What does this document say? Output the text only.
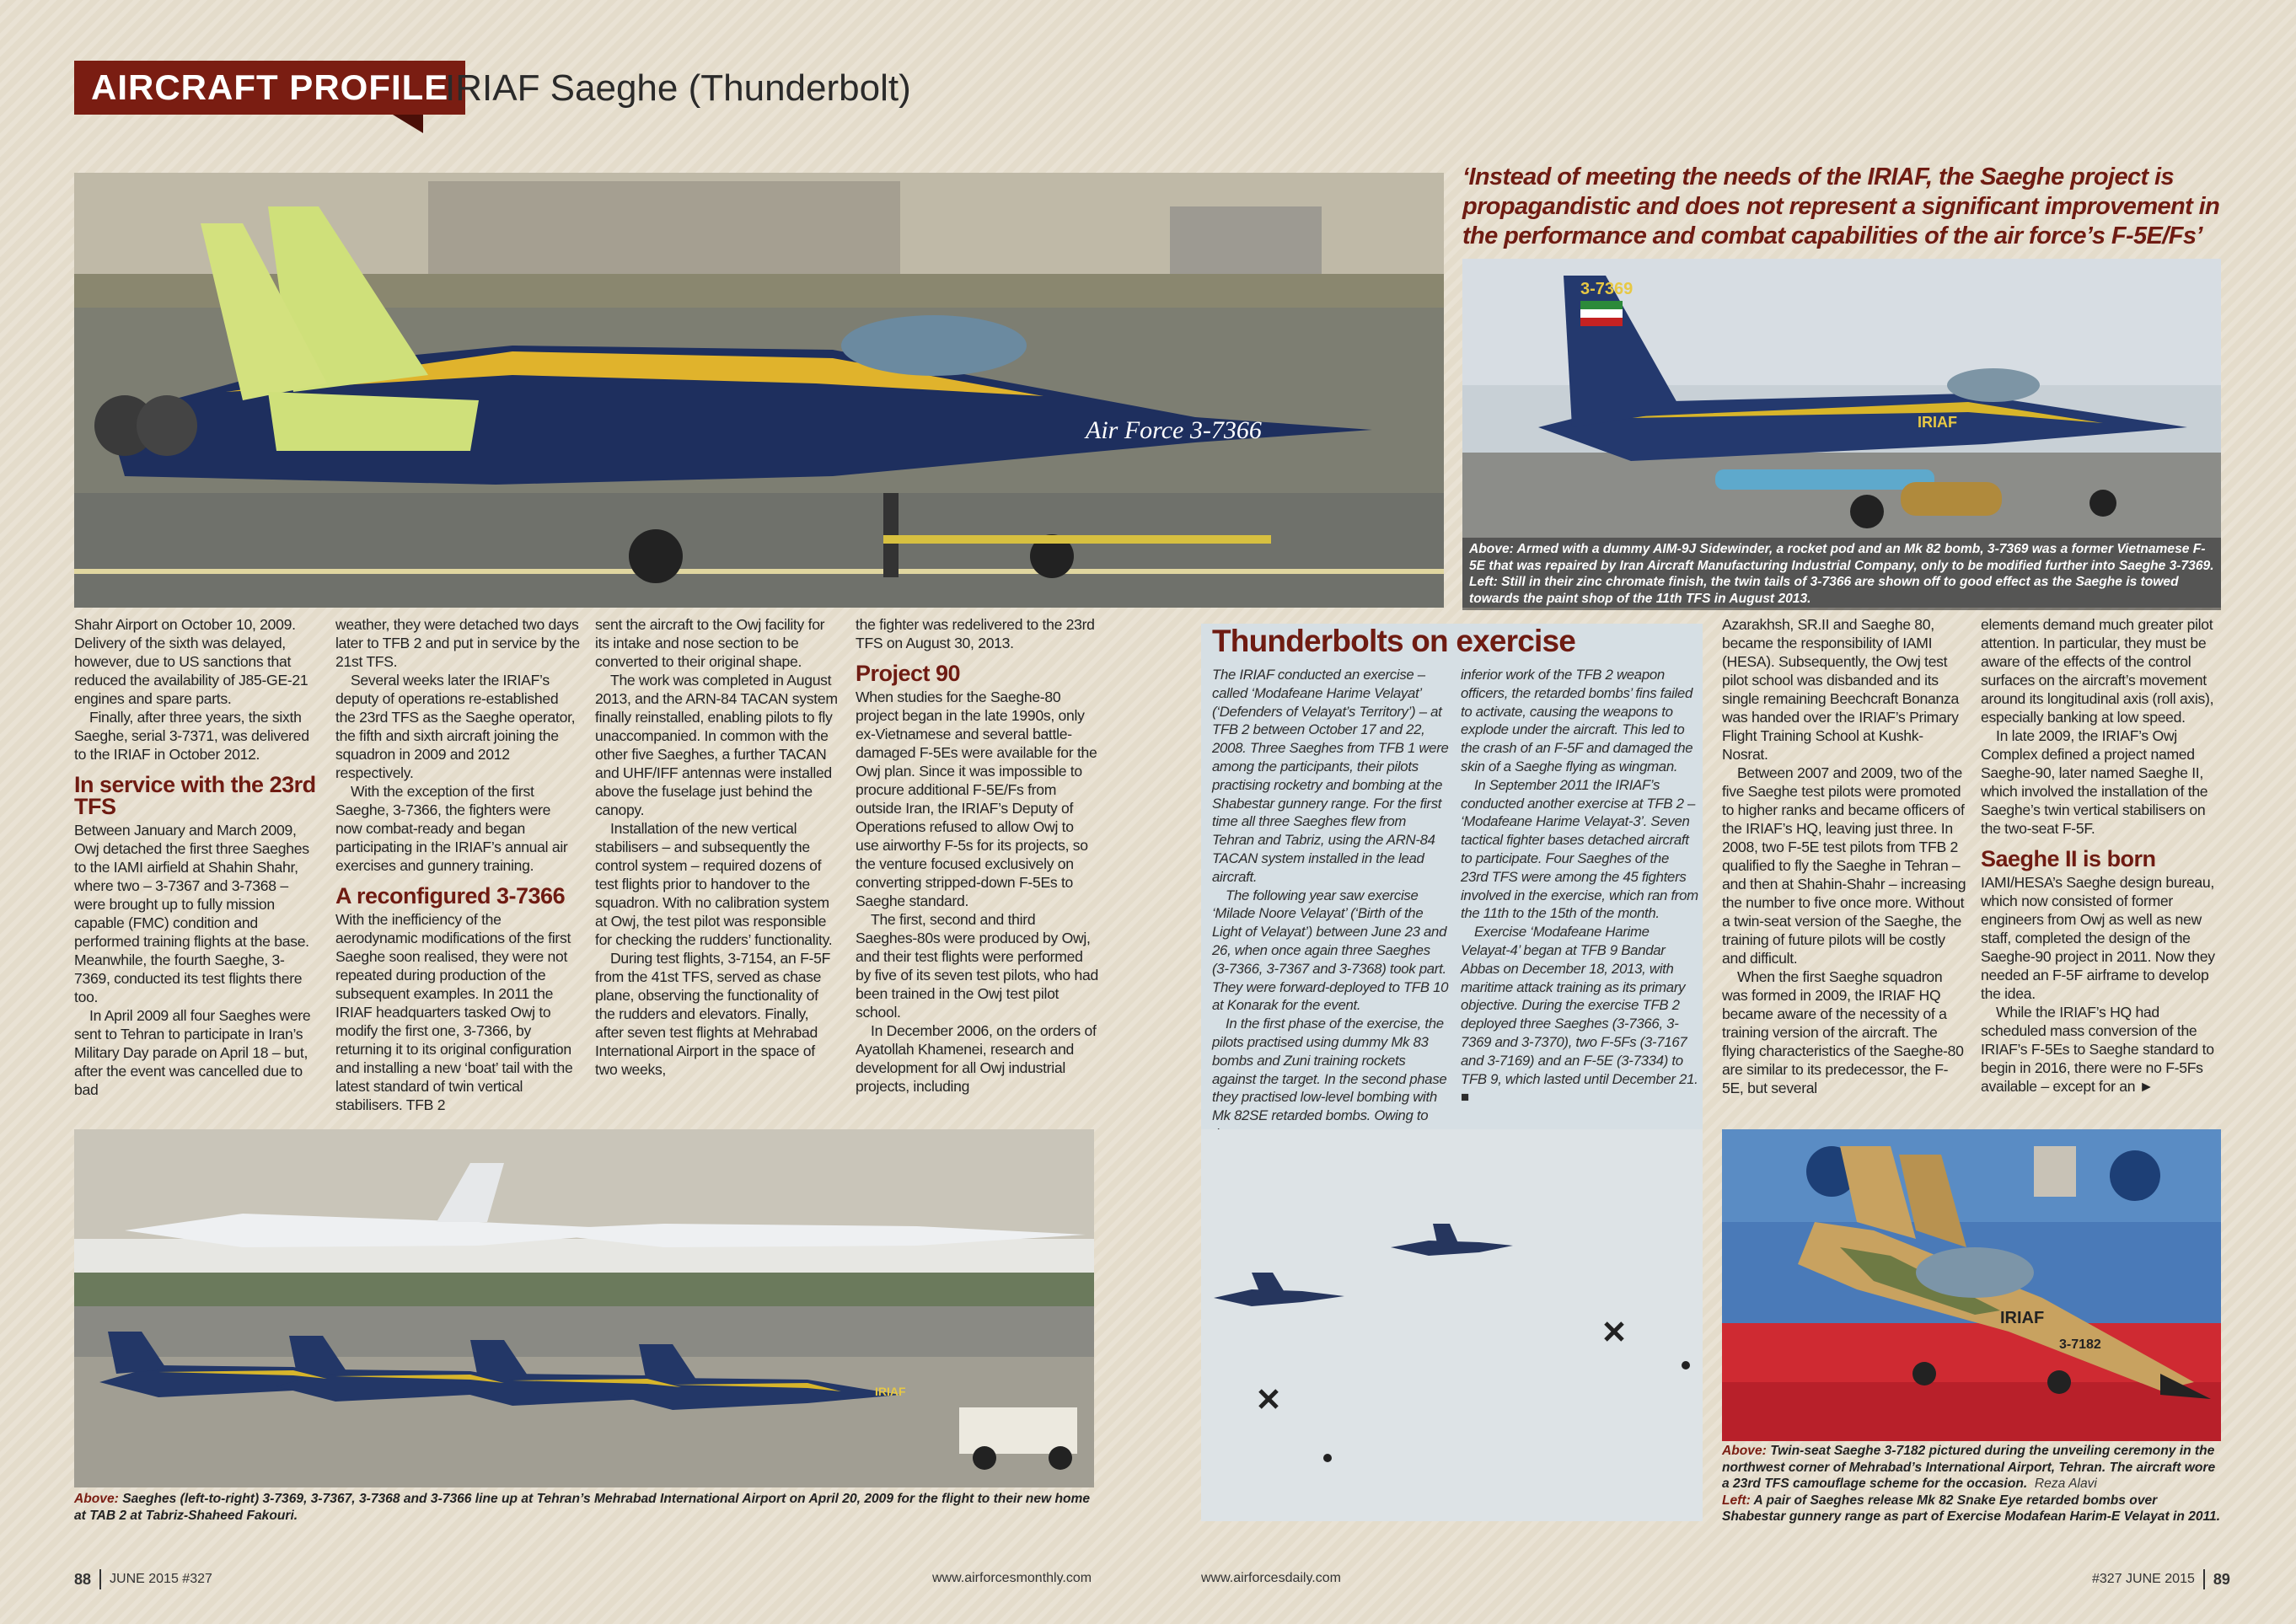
AIRCRAFT PROFILE
IRIAF Saeghe (Thunderbolt)
Air Force 3-7366
‘Instead of meeting the needs of the IRIAF, the Saeghe project is propagandistic and does not represent a significant improvement in the performance and combat capabilities of the air force’s F-5E/Fs’
3-7369
IRIAF
Above: Armed with a dummy AIM-9J Sidewinder, a rocket pod and an Mk 82 bomb, 3-7369 was a former Vietnamese F-5E that was repaired by Iran Aircraft Manufacturing Industrial Company, only to be modified further into Saeghe 3-7369.
Left: Still in their zinc chromate finish, the twin tails of 3-7366 are shown off to good effect as the Saeghe is towed towards the paint shop of the 11th TFS in August 2013.

Shahr Airport on October 10, 2009. Delivery of the sixth was delayed, however, due to US sanctions that reduced the availability of J85-GE-21 engines and spare parts.

Finally, after three years, the sixth Saeghe, serial 3-7371, was delivered to the IRIAF in October 2012.

In service with the 23rd TFS

Between January and March 2009, Owj detached the first three Saeghes to the IAMI airfield at Shahin Shahr, where two – 3-7367 and 3-7368 – were brought up to fully mission capable (FMC) condition and performed training flights at the base. Meanwhile, the fourth Saeghe, 3-7369, conducted its test flights there too.

In April 2009 all four Saeghes were sent to Tehran to participate in Iran’s Military Day parade on April 18 – but, after the event was cancelled due to bad

weather, they were detached two days later to TFB 2 and put in service by the 21st TFS.

Several weeks later the IRIAF’s deputy of operations re-established the 23rd TFS as the Saeghe operator, the fifth and sixth aircraft joining the squadron in 2009 and 2012 respectively.

With the exception of the first Saeghe, 3-7366, the fighters were now combat-ready and began participating in the IRIAF’s annual air exercises and gunnery training.

A reconfigured 3-7366

With the inefficiency of the aerodynamic modifications of the first Saeghe soon realised, they were not repeated during production of the subsequent examples. In 2011 the IRIAF headquarters tasked Owj to modify the first one, 3-7366, by returning it to its original configuration and installing a new ‘boat’ tail with the latest standard of twin vertical stabilisers. TFB 2

sent the aircraft to the Owj facility for its intake and nose section to be converted to their original shape.

The work was completed in August 2013, and the ARN-84 TACAN system finally reinstalled, enabling pilots to fly unaccompanied. In common with the other five Saeghes, a further TACAN and UHF/IFF antennas were installed above the fuselage just behind the canopy.

Installation of the new vertical stabilisers – and subsequently the control system – required dozens of test flights prior to handover to the squadron. With no calibration system at Owj, the test pilot was responsible for checking the rudders’ functionality.

During test flights, 3-7154, an F-5F from the 41st TFS, served as chase plane, observing the functionality of the rudders and elevators. Finally, after seven test flights at Mehrabad International Airport in the space of two weeks,

the fighter was redelivered to the 23rd TFS on August 30, 2013.

Project 90

When studies for the Saeghe-80 project began in the late 1990s, only ex-Vietnamese and several battle-damaged F-5Es were available for the Owj plan. Since it was impossible to procure additional F-5E/Fs from outside Iran, the IRIAF’s Deputy of Operations refused to allow Owj to use airworthy F-5s for its projects, so the venture focused exclusively on converting stripped-down F-5Es to Saeghe standard.

The first, second and third Saeghes-80s were produced by Owj, and their test flights were performed by five of its seven test pilots, who had been trained in the Owj test pilot school.

In December 2006, on the orders of Ayatollah Khamenei, research and development for all Owj industrial projects, including

Thunderbolts on exercise

The IRIAF conducted an exercise – called ‘Modafeane Harime Velayat’ (‘Defenders of Velayat’s Territory’) – at TFB 2 between October 17 and 22, 2008. Three Saeghes from TFB 1 were among the participants, their pilots practising rocketry and bombing at the Shabestar gunnery range. For the first time all three Saeghes flew from Tehran and Tabriz, using the ARN-84 TACAN system installed in the lead aircraft.

The following year saw exercise ‘Milade Noore Velayat’ (‘Birth of the Light of Velayat’) between June 23 and 26, when once again three Saeghes (3-7366, 3-7367 and 3-7368) took part. They were forward-deployed to TFB 10 at Konarak for the event.

In the first phase of the exercise, the pilots practised using dummy Mk 83 bombs and Zuni training rockets against the target. In the second phase they practised low-level bombing with Mk 82SE retarded bombs. Owing to

inferior work of the TFB 2 weapon officers, the retarded bombs’ fins failed to activate, causing the weapons to explode under the aircraft. This led to the crash of an F-5F and damaged the skin of a Saeghe flying as wingman.

In September 2011 the IRIAF’s conducted another exercise at TFB 2 – ‘Modafeane Harime Velayat-3’. Seven tactical fighter bases detached aircraft to participate. Four Saeghes of the 23rd TFS were among the 45 fighters involved in the exercise, which ran from the 11th to the 15th of the month.

Exercise ‘Modafeane Harime Velayat-4’ began at TFB 9 Bandar Abbas on December 18, 2013, with maritime attack training as its primary objective. During the exercise TFB 2 deployed three Saeghes (3-7366, 3-7369 and 3-7370), two F-5Fs (3-7167 and 3-7169) and an F-5E (3-7334) to TFB 9, which lasted until December 21. ■

Azarakhsh, SR.II and Saeghe 80, became the responsibility of IAMI (HESA). Subsequently, the Owj test pilot school was disbanded and its single remaining Beechcraft Bonanza was handed over the IRIAF’s Primary Flight Training School at Kushk-Nosrat.

Between 2007 and 2009, two of the five Saeghe test pilots were promoted to higher ranks and became officers of the IRIAF’s HQ, leaving just three. In 2008, two F-5E test pilots from TFB 2 qualified to fly the Saeghe in Tehran – and then at Shahin-Shahr – increasing the number to five once more. Without a twin-seat version of the Saeghe, the training of future pilots will be costly and difficult.

When the first Saeghe squadron was formed in 2009, the IRIAF HQ became aware of the necessity of a training version of the aircraft. The flying characteristics of the Saeghe-80 are similar to its predecessor, the F-5E, but several

elements demand much greater pilot attention. In particular, they must be aware of the effects of the control surfaces on the aircraft’s movement around its longitudinal axis (roll axis), especially banking at low speed.

In late 2009, the IRIAF’s Owj Complex defined a project named Saeghe-90, later named Saeghe II, which involved the installation of the Saeghe’s twin vertical stabilisers on the two-seat F-5F.

Saeghe II is born

IAMI/HESA’s Saeghe design bureau, which now consisted of former engineers from Owj as well as new staff, completed the design of the Saeghe-90 project in 2011. Now they needed an F-5F airframe to develop the idea.

While the IRIAF’s HQ had scheduled mass conversion of the IRIAF’s F-5Es to Saeghe standard to begin in 2016, there were no F-5Fs available – except for an ►

IRIAF
Above: Saeghes (left-to-right) 3-7369, 3-7367, 3-7368 and 3-7366 line up at Tehran’s Mehrabad International Airport on April 20, 2009 for the flight to their new home at TAB 2 at Tabriz-Shaheed Fakouri.
3-7182
IRIAF
Above: Twin-seat Saeghe 3-7182 pictured during the unveiling ceremony in the northwest corner of Mehrabad’s International Airport, Tehran. The aircraft wore a 23rd TFS camouflage scheme for the occasion. Reza Alavi
Left: A pair of Saeghes release Mk 82 Snake Eye retarded bombs over Shabestar gunnery range as part of Exercise Modafean Harim-E Velayat in 2011.
88 JUNE 2015 #327	www.airforcesmonthly.com	www.airforcesdaily.com	#327 JUNE 2015 89
